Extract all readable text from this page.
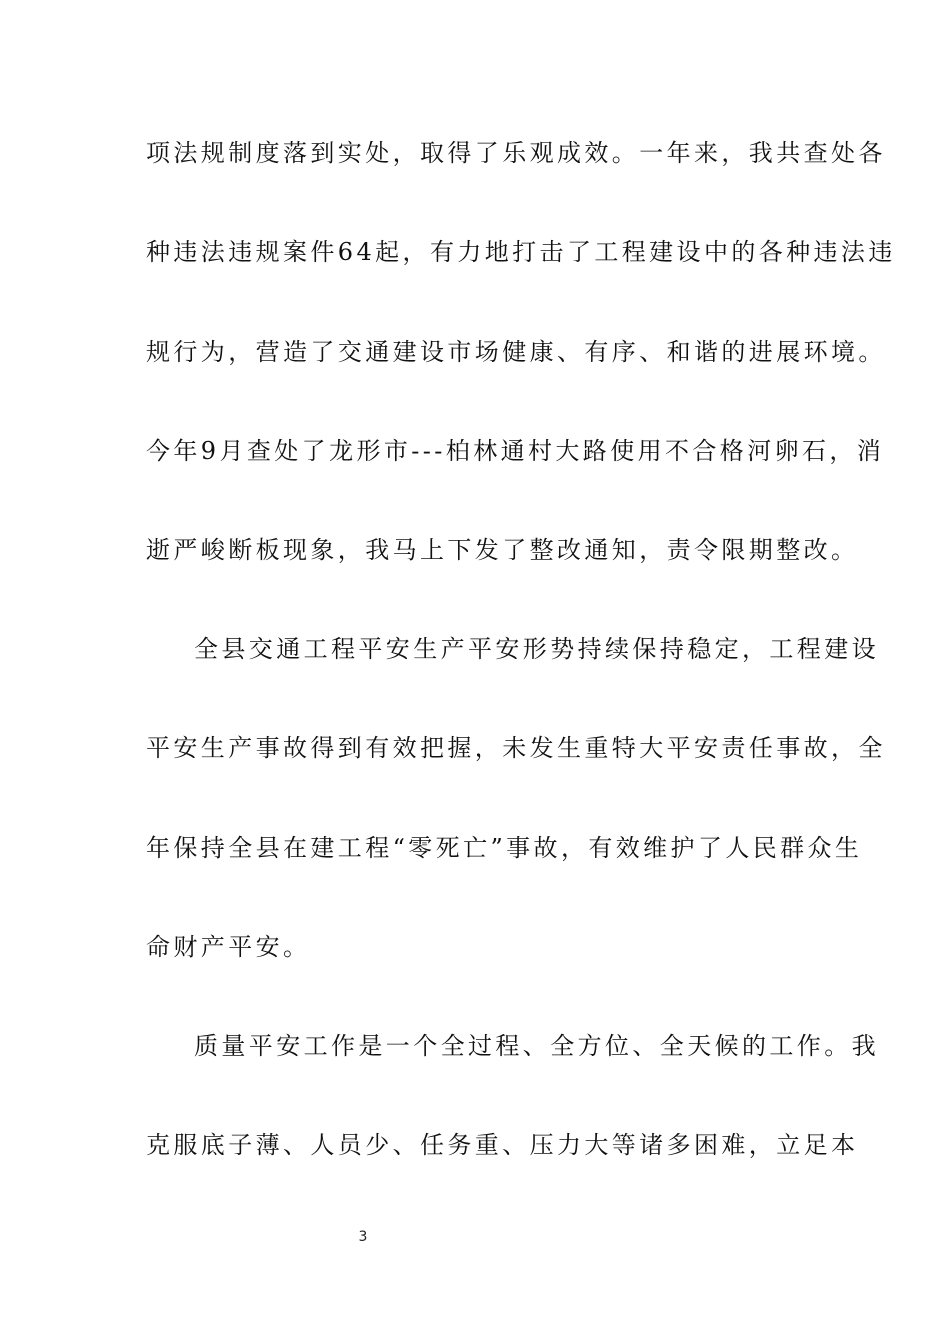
项法规制度落到实处，取得了乐观成效。一年来，我共查处各
种违法违规案件64起，有力地打击了工程建设中的各种违法违
规行为，营造了交通建设市场健康、有序、和谐的进展环境。
今年9月查处了龙形市---柏林通村大路使用不合格河卵石，消
逝严峻断板现象，我马上下发了整改通知，责令限期整改。
全县交通工程平安生产平安形势持续保持稳定，工程建设
平安生产事故得到有效把握，未发生重特大平安责任事故，全
年保持全县在建工程“零死亡”事故，有效维护了人民群众生
命财产平安。
质量平安工作是一个全过程、全方位、全天候的工作。我
克服底子薄、人员少、任务重、压力大等诸多困难，立足本
3
